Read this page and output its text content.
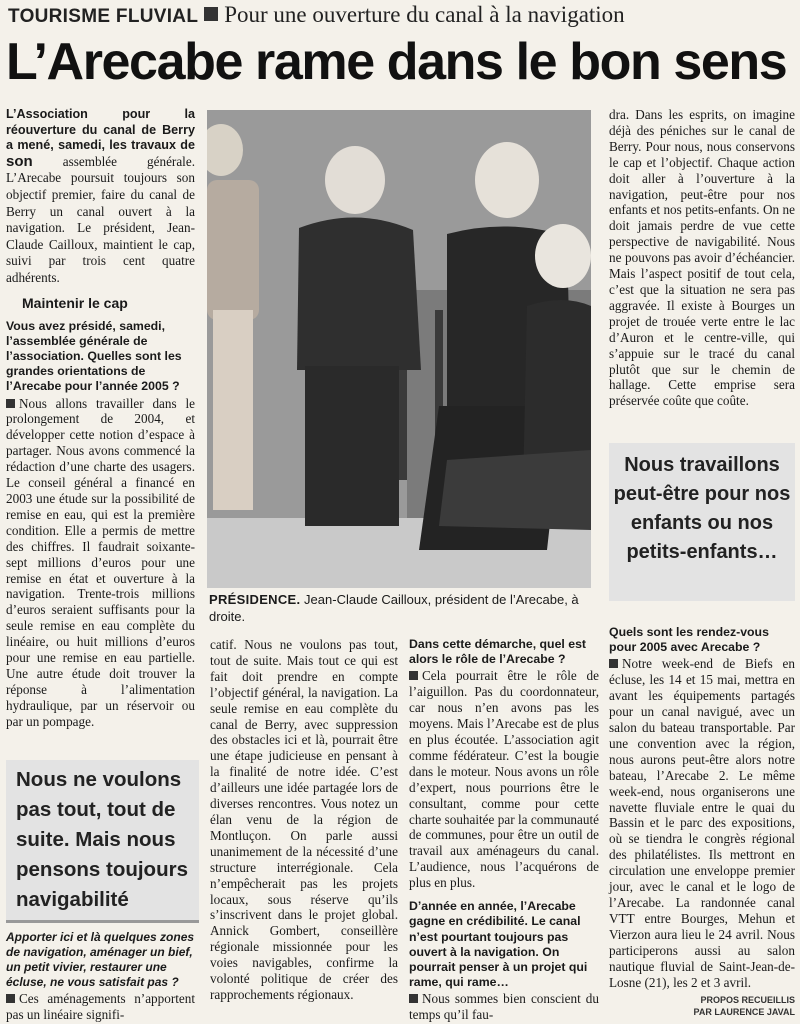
TOURISME FLUVIAL Pour une ouverture du canal à la navigation
L’Arecabe rame dans le bon sens

L’Association pour la réouverture du canal de Berry a mené, samedi, les travaux de son assemblée générale. L’Arecabe poursuit toujours son objectif premier, faire du canal de Berry un canal ouvert à la navigation. Le président, Jean-Claude Cailloux, maintient le cap, suivi par trois cent quatre adhérents.

Maintenir le cap

Vous avez présidé, samedi, l’assemblée générale de l’association. Quelles sont les grandes orientations de l’Arecabe pour l’année 2005 ?

Nous allons travailler dans le prolongement de 2004, et développer cette notion d’espace à partager. Nous avons commencé la rédaction d’une charte des usagers. Le conseil général a financé en 2003 une étude sur la possibilité de remise en eau, qui est la première condition. Elle a permis de mettre des chiffres. Il faudrait soixante-sept millions d’euros pour une remise en état et ouverture à la navigation. Trente-trois millions d’euros seraient suffisants pour la seule remise en eau complète du linéaire, ou huit millions d’euros pour une remise en eau partielle. Une autre étude doit trouver la réponse à l’alimentation hydraulique, par un réservoir ou par un pompage.

Nous ne voulons pas tout, tout de suite. Mais nous pensons toujours navigabilité

Apporter ici et là quelques zones de navigation, aménager un bief, un petit vivier, restaurer une écluse, ne vous satisfait pas ?

Ces aménagements n’apportent pas un linéaire signifi-

PRÉSIDENCE. Jean-Claude Cailloux, président de l’Arecabe, à droite.

catif. Nous ne voulons pas tout, tout de suite. Mais tout ce qui est fait doit prendre en compte l’objectif général, la navigation. La seule remise en eau complète du canal de Berry, avec suppression des obstacles ici et là, pourrait être une étape judicieuse en pensant à la finalité de notre idée. C’est d’ailleurs une idée partagée lors de diverses rencontres. Vous notez un élan venu de la région de Montluçon. On parle aussi unanimement de la nécessité d’une structure interrégionale. Cela n’empêcherait pas les projets locaux, sous réserve qu’ils s’inscrivent dans le projet global. Annick Gombert, conseillère régionale missionnée pour les voies navigables, confirme la volonté politique de créer des rapprochements régionaux.

Dans cette démarche, quel est alors le rôle de l’Arecabe ?

Cela pourrait être le rôle de l’aiguillon. Pas du coordonnateur, car nous n’en avons pas les moyens. Mais l’Arecabe est de plus en plus écoutée. L’association agit comme fédérateur. C’est la bougie dans le moteur. Nous avons un rôle d’expert, nous pourrions être le consultant, comme pour cette charte souhaitée par la communauté de communes, pour être un outil de travail aux aménageurs du canal. L’audience, nous l’acquérons de plus en plus.

D’année en année, l’Arecabe gagne en crédibilité. Le canal n’est pourtant toujours pas ouvert à la navigation. On pourrait penser à un projet qui rame, qui rame…

Nous sommes bien conscient du temps qu’il fau-

dra. Dans les esprits, on imagine déjà des péniches sur le canal de Berry. Pour nous, nous conservons le cap et l’objectif. Chaque action doit aller à l’ouverture à la navigation, peut-être pour nos enfants et nos petits-enfants. On ne doit jamais perdre de vue cette perspective de navigabilité. Nous ne pouvons pas avoir d’échéancier. Mais l’aspect positif de tout cela, c’est que la situation ne sera pas aggravée. Il existe à Bourges un projet de trouée verte entre le lac d’Auron et le centre-ville, qui s’appuie sur le tracé du canal plutôt que sur le chemin de hallage. Cette emprise sera préservée coûte que coûte.

Nous travaillons peut-être pour nos enfants ou nos petits-enfants…

Quels sont les rendez-vous pour 2005 avec Arecabe ?

Notre week-end de Biefs en écluse, les 14 et 15 mai, mettra en avant les équipements partagés pour un canal navigué, avec un salon du bateau transportable. Par une convention avec la région, nous aurons peut-être alors notre bateau, l’Arecabe 2. Le même week-end, nous organiserons une navette fluviale entre le quai du Bassin et le parc des expositions, où se tiendra le congrès régional des philatélistes. Ils mettront en circulation une enveloppe premier jour, avec le canal et le logo de l’Arecabe. La randonnée canal VTT entre Bourges, Mehun et Vierzon aura lieu le 24 avril. Nous participerons aussi au salon nautique fluvial de Saint-Jean-de-Losne (21), les 2 et 3 avril.

PROPOS RECUEILLIS
PAR LAURENCE JAVAL
